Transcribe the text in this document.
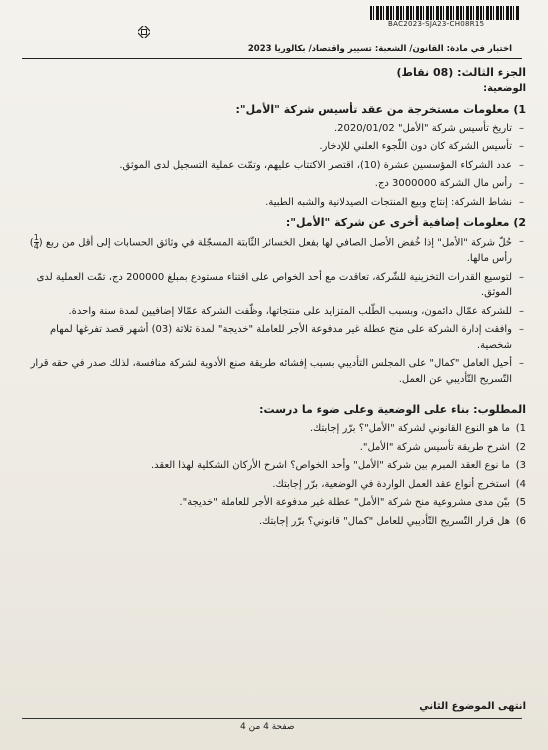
BAC2023-SJA23-CH08R15
اختبار في مادة: القانون/ الشعبة: تسيير واقتصاد/ بكالوريا 2023
الجزء الثالث: (08 نقاط)
الوضعية:
1) معلومات مستخرجة من عقد تأسيس شركة "الأمل":
– تاريخ تأسيس شركة "الأمل" 2020/01/02.
– تأسيس الشركة كان دون اللّجوء العلني للإدخار.
– عدد الشركاء المؤسسين عشرة (10)، اقتصر الاكتتاب عليهم، وتمّت عملية التسجيل لدى الموثق.
– رأس مال الشركة 3000000 دج.
– نشاط الشركة: إنتاج وبيع المنتجات الصيدلانية والشبه الطبية.
2) معلومات إضافية أخرى عن شركة "الأمل":
– حُلّ شركة "الأمل" إذا خُفض الأصل الصافي لها بفعل الخسائر الثّابتة المسجّلة في وثائق الحسابات إلى أقل من ربع (
$\frac{1}{4}$
) رأس مالها.
– لتوسيع القدرات التخزينية للشّركة، تعاقدت مع أحد الخواص على اقتناء مستودع بمبلغ 200000 دج، تمّت العملية لدى الموثق.
– للشركة عمّال دائمون، وبسبب الطّلب المتزايد على منتجاتها، وظّفت الشركة عمّالا إضافيين لمدة سنة واحدة.
– وافقت إدارة الشركة على منح عطلة غير مدفوعة الأجر للعاملة "خديجة" لمدة ثلاثة (03) أشهر قصد تفرغها لمهام شخصية.
– أحيل العامل "كمال" على المجلس التأديبي بسبب إفشائه طريقة صنع الأدوية لشركة منافسة، لذلك صدر في حقه قرار التّسريح التّأديبي عن العمل.
المطلوب: بناء على الوضعية وعلى ضوء ما درست:
1)
ما هو النوع القانوني لشركة "الأمل"؟ برّر إجابتك.
2)
اشرح طريقة تأسيس شركة "الأمل".
3)
ما نوع العقد المبرم بين شركة "الأمل" وأحد الخواص؟ اشرح الأركان الشكلية لهذا العقد.
4)
استخرج أنواع عقد العمل الواردة في الوضعية، برّر إجابتك.
5)
بيّن مدى مشروعية منح شركة "الأمل" عطلة غير مدفوعة الأجر للعاملة "خديجة".
6)
هل قرار التّسريح التّأديبي للعامل "كمال" قانوني؟ برّر إجابتك.
انتهى الموضوع الثاني
صفحة 4 من 4
